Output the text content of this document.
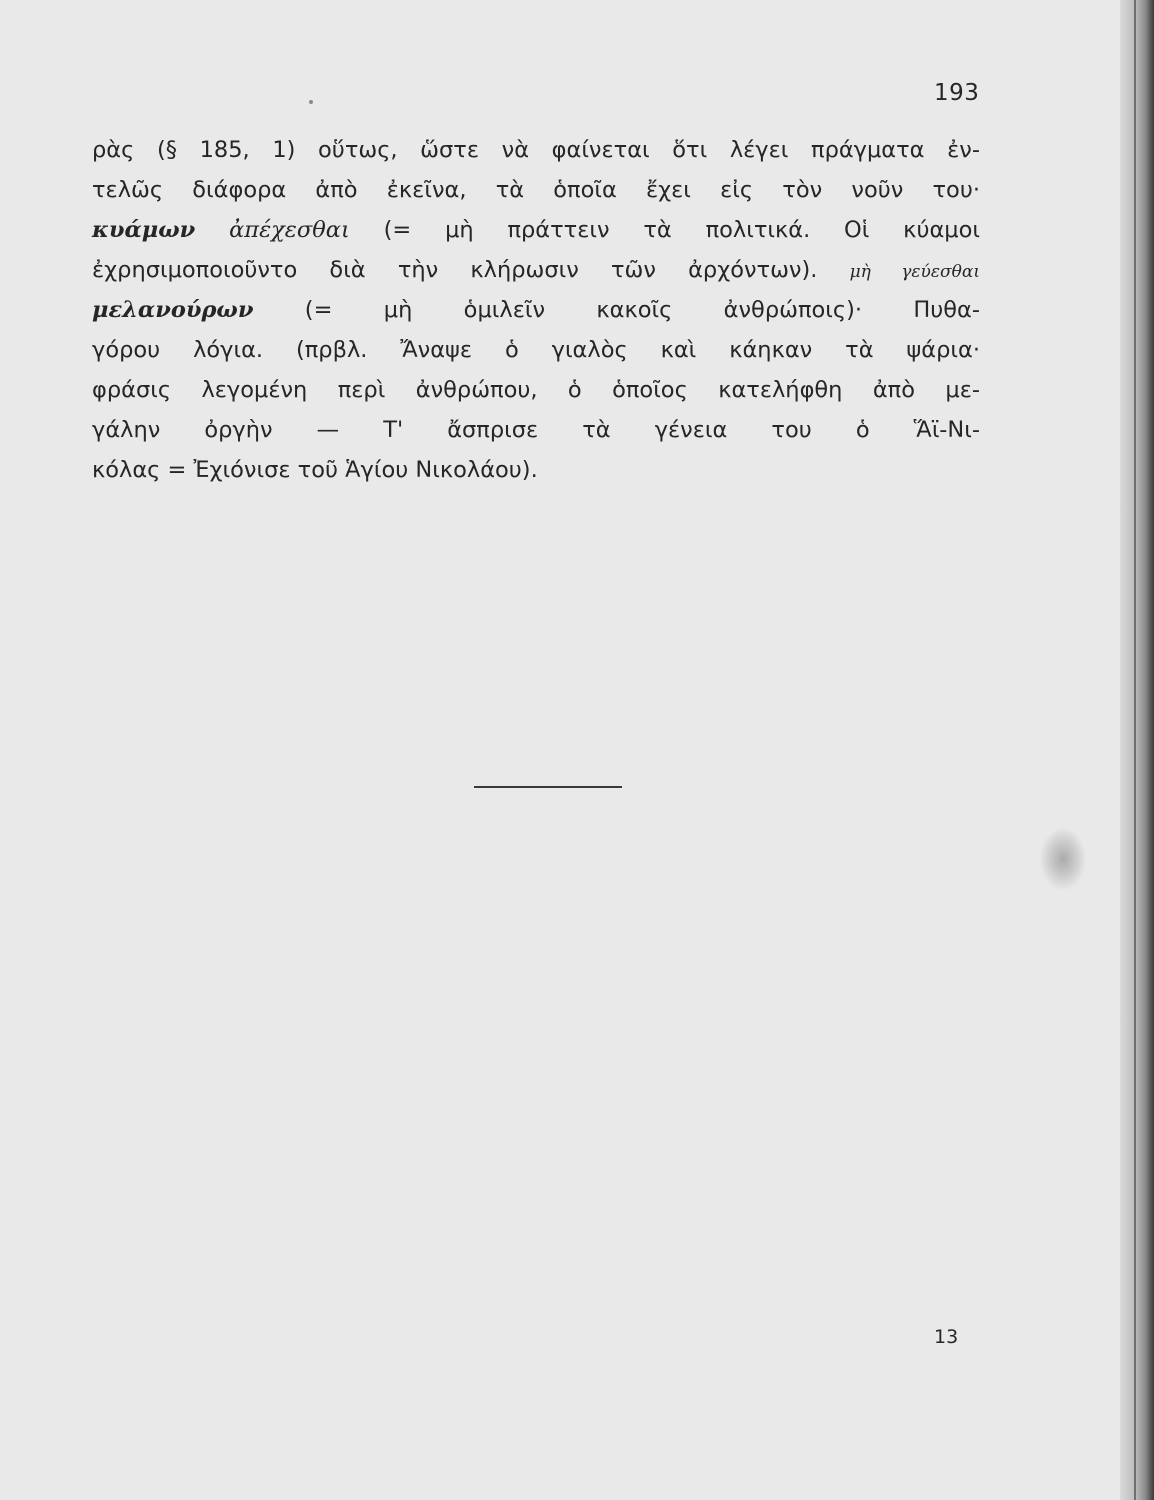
193
ρὰς (§ 185, 1) οὕτως, ὥστε νὰ φαίνεται ὅτι λέγει πράγματα ἐν-
τελῶς διάφορα ἀπὸ ἐκεῖνα, τὰ ὁποῖα ἔχει εἰς τὸν νοῦν του·
κυάμων ἀπέχεσθαι (= μὴ πράττειν τὰ πολιτικά. Οἱ κύαμοι
ἐχρησιμοποιοῦντο διὰ τὴν κλήρωσιν τῶν ἀρχόντων). μὴ γεύεσθαι
μελανούρων (= μὴ ὁμιλεῖν κακοῖς ἀνθρώποις)· Πυθα-
γόρου λόγια. (πρβλ. Ἄναψε ὁ γιαλὸς καὶ κάηκαν τὰ ψάρια·
φράσις λεγομένη περὶ ἀνθρώπου, ὁ ὁποῖος κατελήφθη ἀπὸ με-
γάλην ὀργὴν — Τ' ἄσπρισε τὰ γένεια του ὁ Ἅϊ-Νι-
κόλας = Ἐχιόνισε τοῦ Ἁγίου Νικολάου).
13
